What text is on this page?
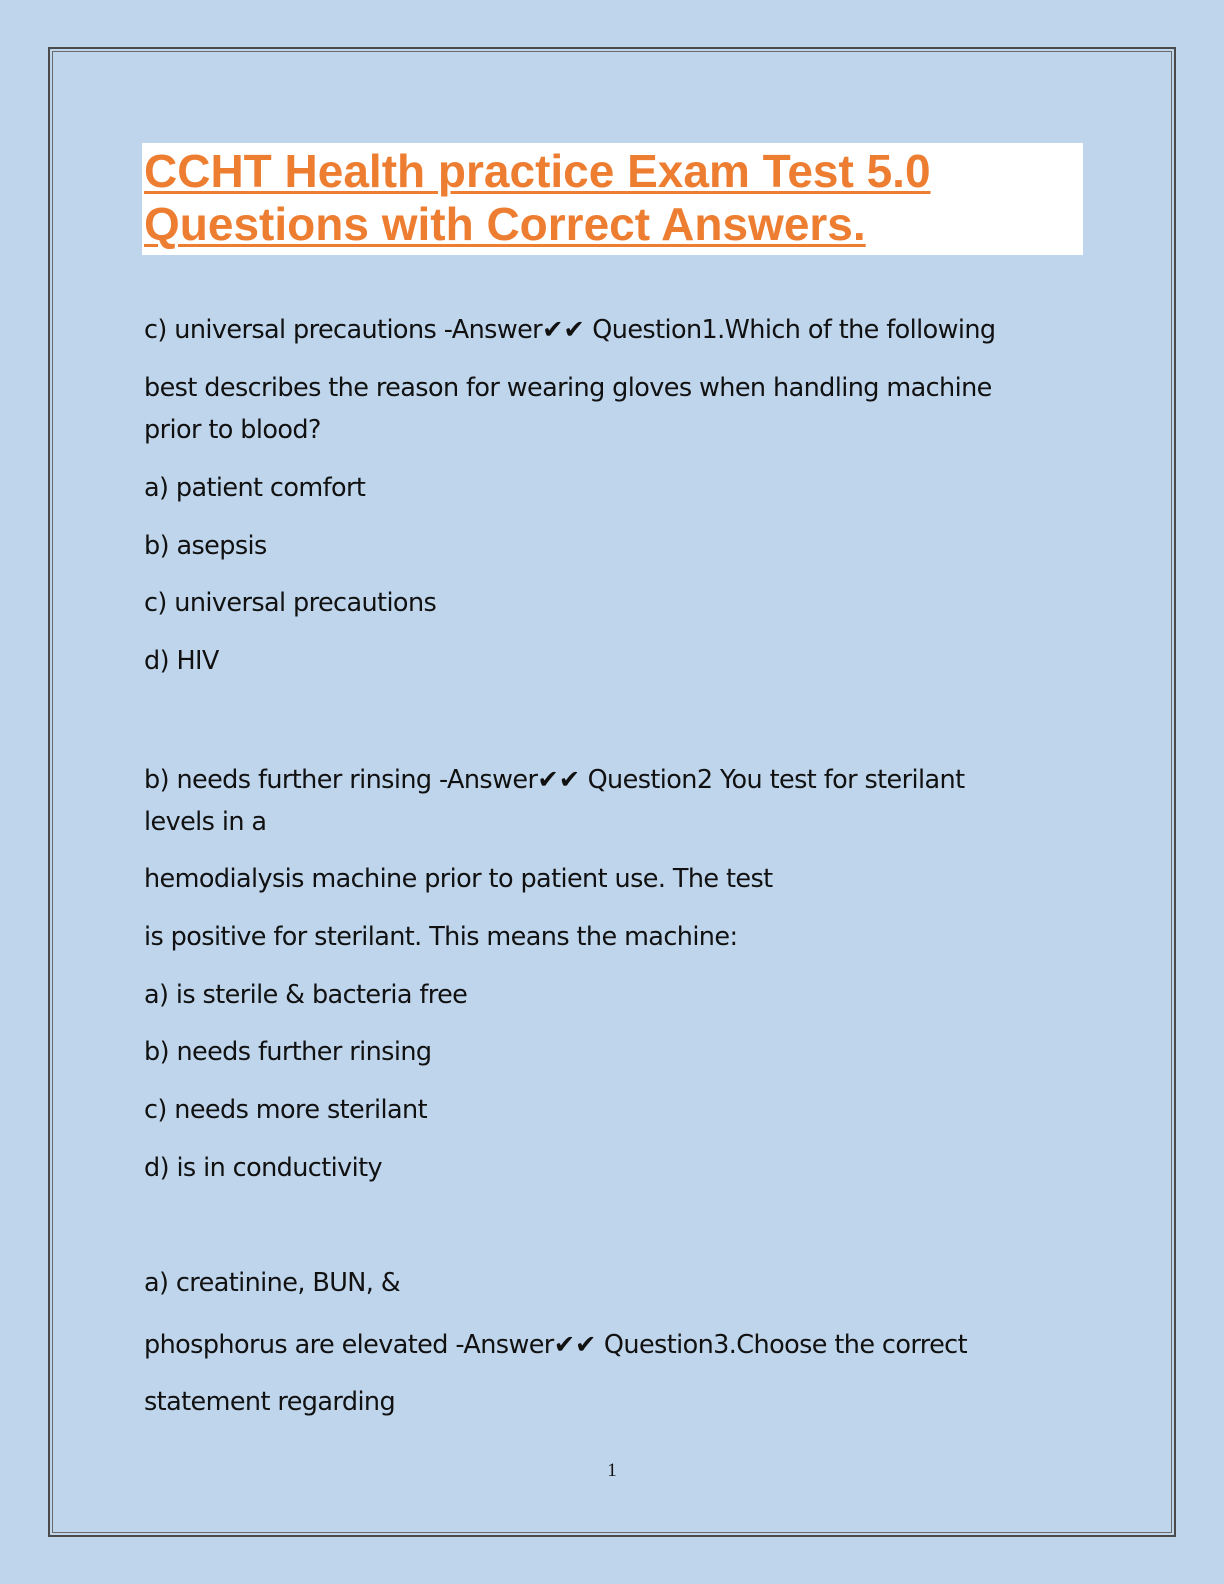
CCHT Health practice Exam Test 5.0
Questions with Correct Answers.
c) universal precautions -Answer✔✔ Question1.Which of the following
best describes the reason for wearing gloves when handling machine
prior to blood?
a) patient comfort
b) asepsis
c) universal precautions
d) HIV
b) needs further rinsing -Answer✔✔ Question2 You test for sterilant
levels in a
hemodialysis machine prior to patient use. The test
is positive for sterilant. This means the machine:
a) is sterile & bacteria free
b) needs further rinsing
c) needs more sterilant
d) is in conductivity
a) creatinine, BUN, &
phosphorus are elevated -Answer✔✔ Question3.Choose the correct
statement regarding
1
